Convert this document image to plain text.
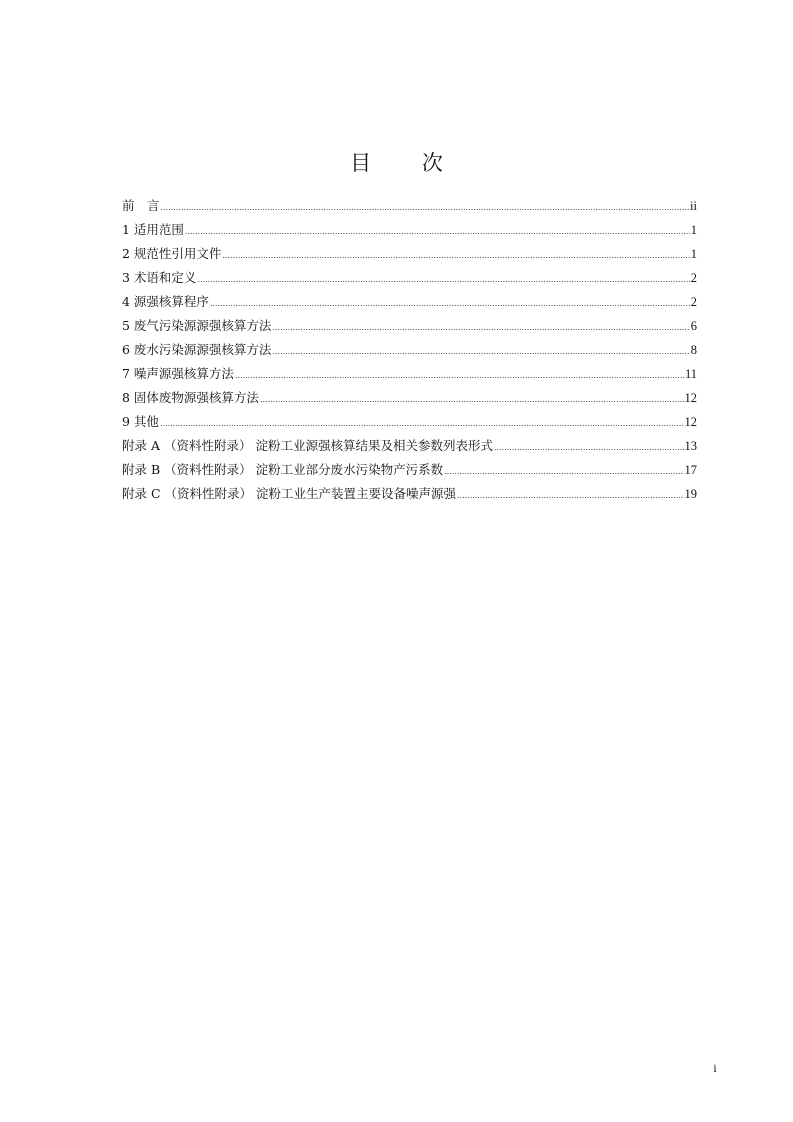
目 次
前　言 .....	ii
1 适用范围 .....	1
2 规范性引用文件 .....	1
3 术语和定义 .....	2
4 源强核算程序 .....	2
5 废气污染源源强核算方法 .....	6
6 废水污染源源强核算方法 .....	8
7 噪声源强核算方法 .....	11
8 固体废物源强核算方法 .....	12
9 其他 .....	12
附录 A （资料性附录） 淀粉工业源强核算结果及相关参数列表形式 .....	13
附录 B （资料性附录） 淀粉工业部分废水污染物产污系数 .....	17
附录 C （资料性附录） 淀粉工业生产装置主要设备噪声源强 .....	19
i
